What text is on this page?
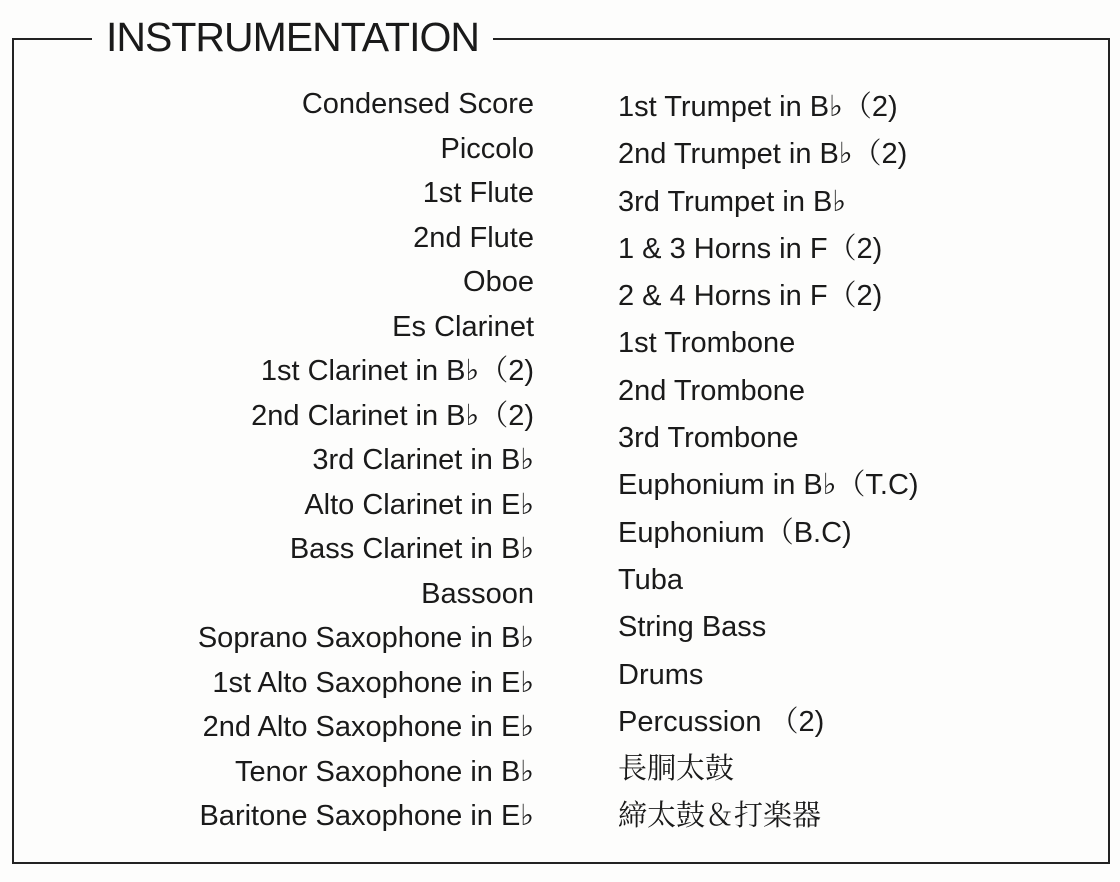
INSTRUMENTATION
Condensed Score
Piccolo
1st Flute
2nd Flute
Oboe
Es Clarinet
1st Clarinet in B♭（2)
2nd Clarinet in B♭（2)
3rd Clarinet in B♭
Alto Clarinet in E♭
Bass Clarinet in B♭
Bassoon
Soprano Saxophone in B♭
1st Alto Saxophone in E♭
2nd Alto Saxophone in E♭
Tenor Saxophone in B♭
Baritone Saxophone in E♭
1st Trumpet in B♭（2)
2nd Trumpet in B♭（2)
3rd Trumpet in B♭
1 & 3 Horns in F（2)
2 & 4 Horns in F（2)
1st Trombone
2nd Trombone
3rd Trombone
Euphonium in B♭（T.C)
Euphonium（B.C)
Tuba
String Bass
Drums
Percussion （2)
長胴太鼓
締太鼓＆打楽器
